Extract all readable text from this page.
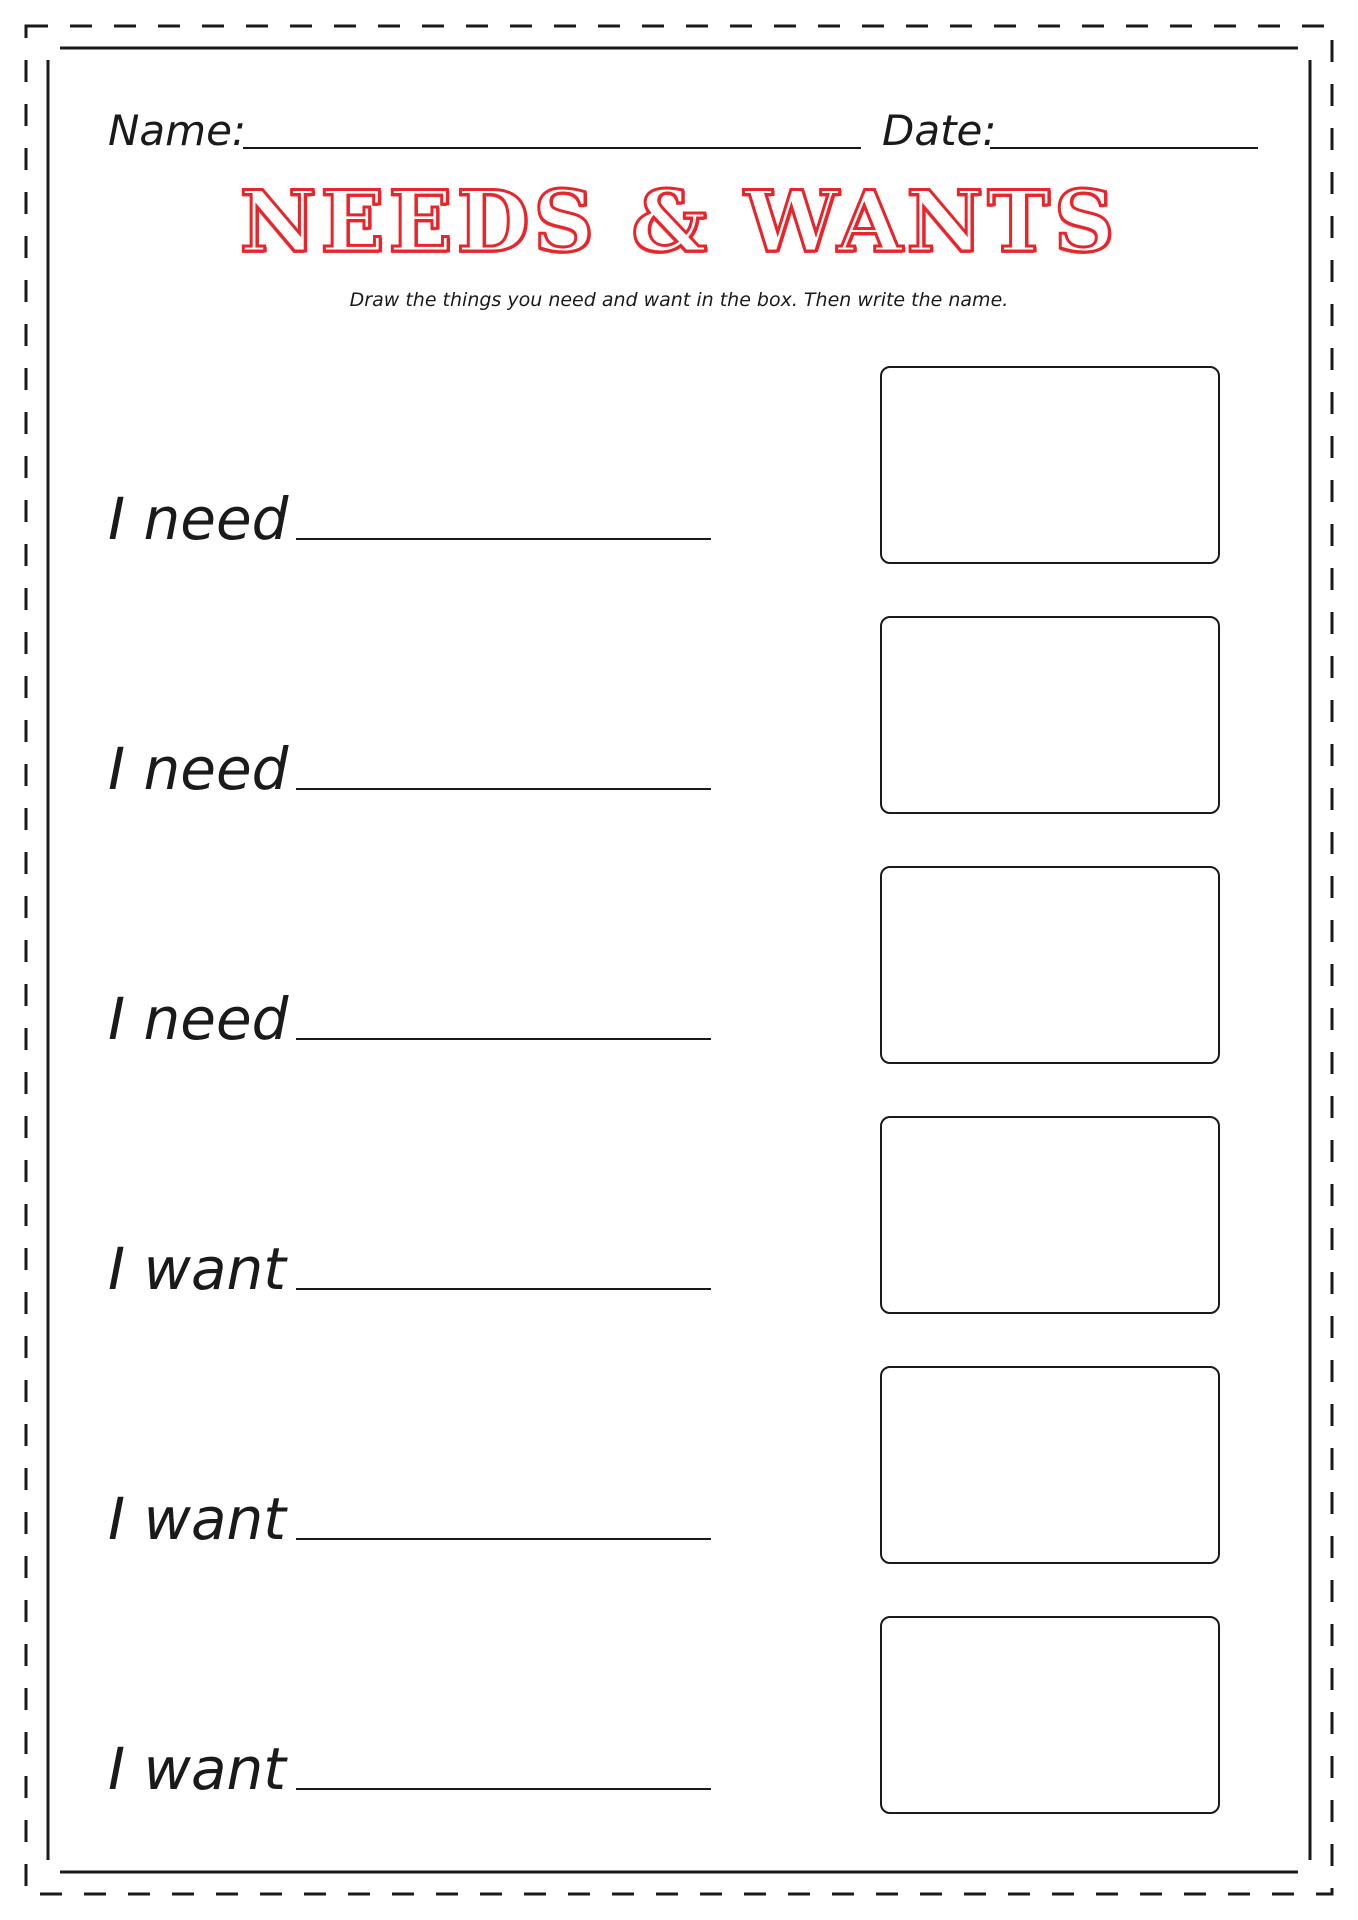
Name:	Date:
NEEDS & WANTS
Draw the things you need and want in the box. Then write the name.
I need
I need
I need
I want
I want
I want
